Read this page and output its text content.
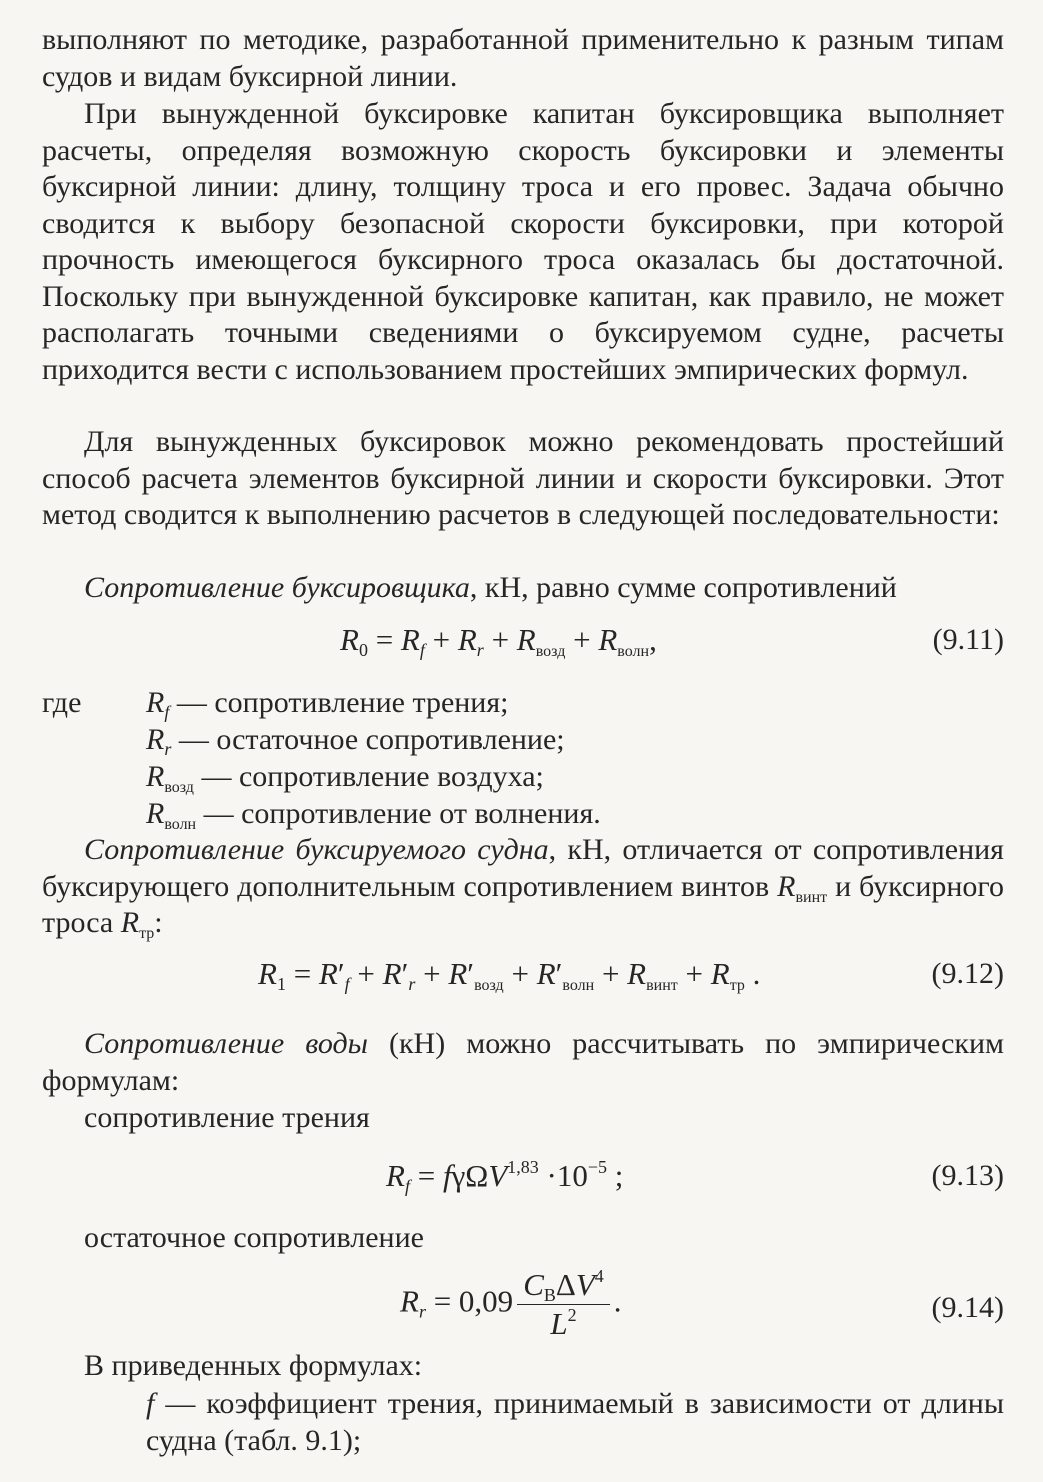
выполняют по методике, разработанной применительно к разным типам судов и видам буксирной линии.

При вынужденной буксировке капитан буксировщика выполняет расчеты, определяя возможную скорость буксировки и элементы буксирной линии: длину, толщину троса и его провес. Задача обычно сводится к выбору безопасной скорости буксировки, при которой прочность имеющегося буксирного троса оказалась бы достаточной. Поскольку при вынужденной буксировке капитан, как правило, не может располагать точными сведениями о буксируемом судне, расчеты приходится вести с использованием простейших эмпирических формул.

Для вынужденных буксировок можно рекомендовать простейший способ расчета элементов буксирной линии и скорости буксировки. Этот метод сводится к выполнению расчетов в следующей последовательности:

Сопротивление буксировщика, кН, равно сумме сопротивлений

$R_0 = R_f + R_r + R_{возд} + R_{волн}$,	(9.11)
где $R_f$ — сопротивление трения;
$R_r$ — остаточное сопротивление;
$R_{возд}$ — сопротивление воздуха;
$R_{волн}$ — сопротивление от волнения.

Сопротивление буксируемого судна, кН, отличается от сопротивления буксирующего дополнительным сопротивлением винтов $R_{винт}$ и буксирного троса $R_{тр}$:

$R_1 = R'_f + R'_r + R'_{возд} + R'_{волн} + R_{винт} + R_{тр}$ .	(9.12)

Сопротивление воды (кН) можно рассчитывать по эмпирическим формулам:

сопротивление трения

$R_f = f\gamma\Omega V^{1,83} \cdot 10^{-5}$ ;	(9.13)

остаточное сопротивление

$R_r = 0,09 \frac{C_В\Delta V^4}{L^2}$ .	(9.14)

В приведенных формулах:

f — коэффициент трения, принимаемый в зависимости от длины судна (табл. 9.1);
